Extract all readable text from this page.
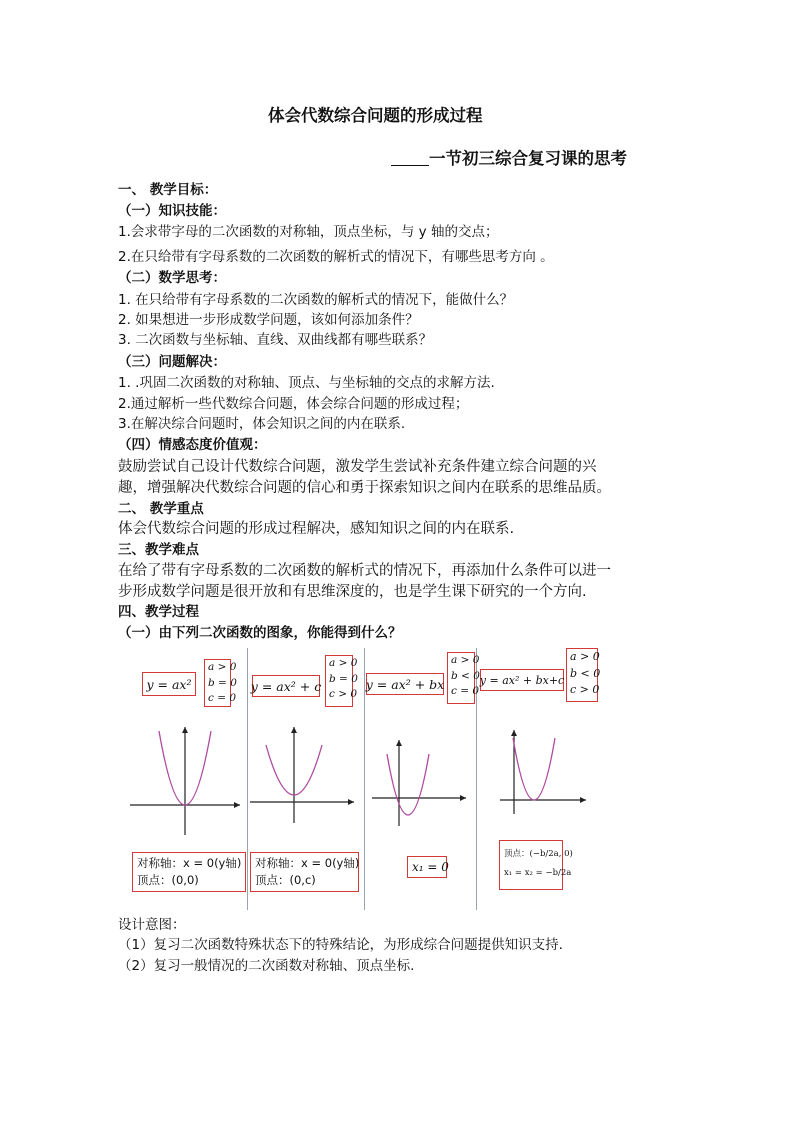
体会代数综合问题的形成过程
一节初三综合复习课的思考
一、 教学目标：
（一）知识技能：
1.会求带字母的二次函数的对称轴，顶点坐标，与 y 轴的交点；
2.在只给带有字母系数的二次函数的解析式的情况下，有哪些思考方向 。
（二）数学思考：
1. 在只给带有字母系数的二次函数的解析式的情况下，能做什么？
2. 如果想进一步形成数学问题，该如何添加条件？
3. 二次函数与坐标轴、直线、双曲线都有哪些联系？
（三）问题解决：
1. .巩固二次函数的对称轴、顶点、与坐标轴的交点的求解方法.
2.通过解析一些代数综合问题，体会综合问题的形成过程；
3.在解决综合问题时，体会知识之间的内在联系.
（四）情感态度价值观：
鼓励尝试自己设计代数综合问题，激发学生尝试补充条件建立综合问题的兴
趣，增强解决代数综合问题的信心和勇于探索知识之间内在联系的思维品质。
二、 教学重点
体会代数综合问题的形成过程解决，感知知识之间的内在联系.
三、教学难点
在给了带有字母系数的二次函数的解析式的情况下，再添加什么条件可以进一
步形成数学问题是很开放和有思维深度的，也是学生课下研究的一个方向.
四、教学过程
（一）由下列二次函数的图象，你能得到什么？
y = ax²
a > 0
b = 0
c = 0
对称轴：x = 0(y轴)
顶点：(0,0)
y = ax² + c
a > 0
b = 0
c > 0
对称轴：x = 0(y轴)
顶点：(0,c)
y = ax² + bx
a > 0
b < 0
c = 0
x₁ = 0
y = ax² + bx+c
a > 0
b < 0
c > 0
顶点：(−b/2a, 0)
x₁ = x₂ = −b/2a
设计意图：
（1）复习二次函数特殊状态下的特殊结论，为形成综合问题提供知识支持.
（2）复习一般情况的二次函数对称轴、顶点坐标.
